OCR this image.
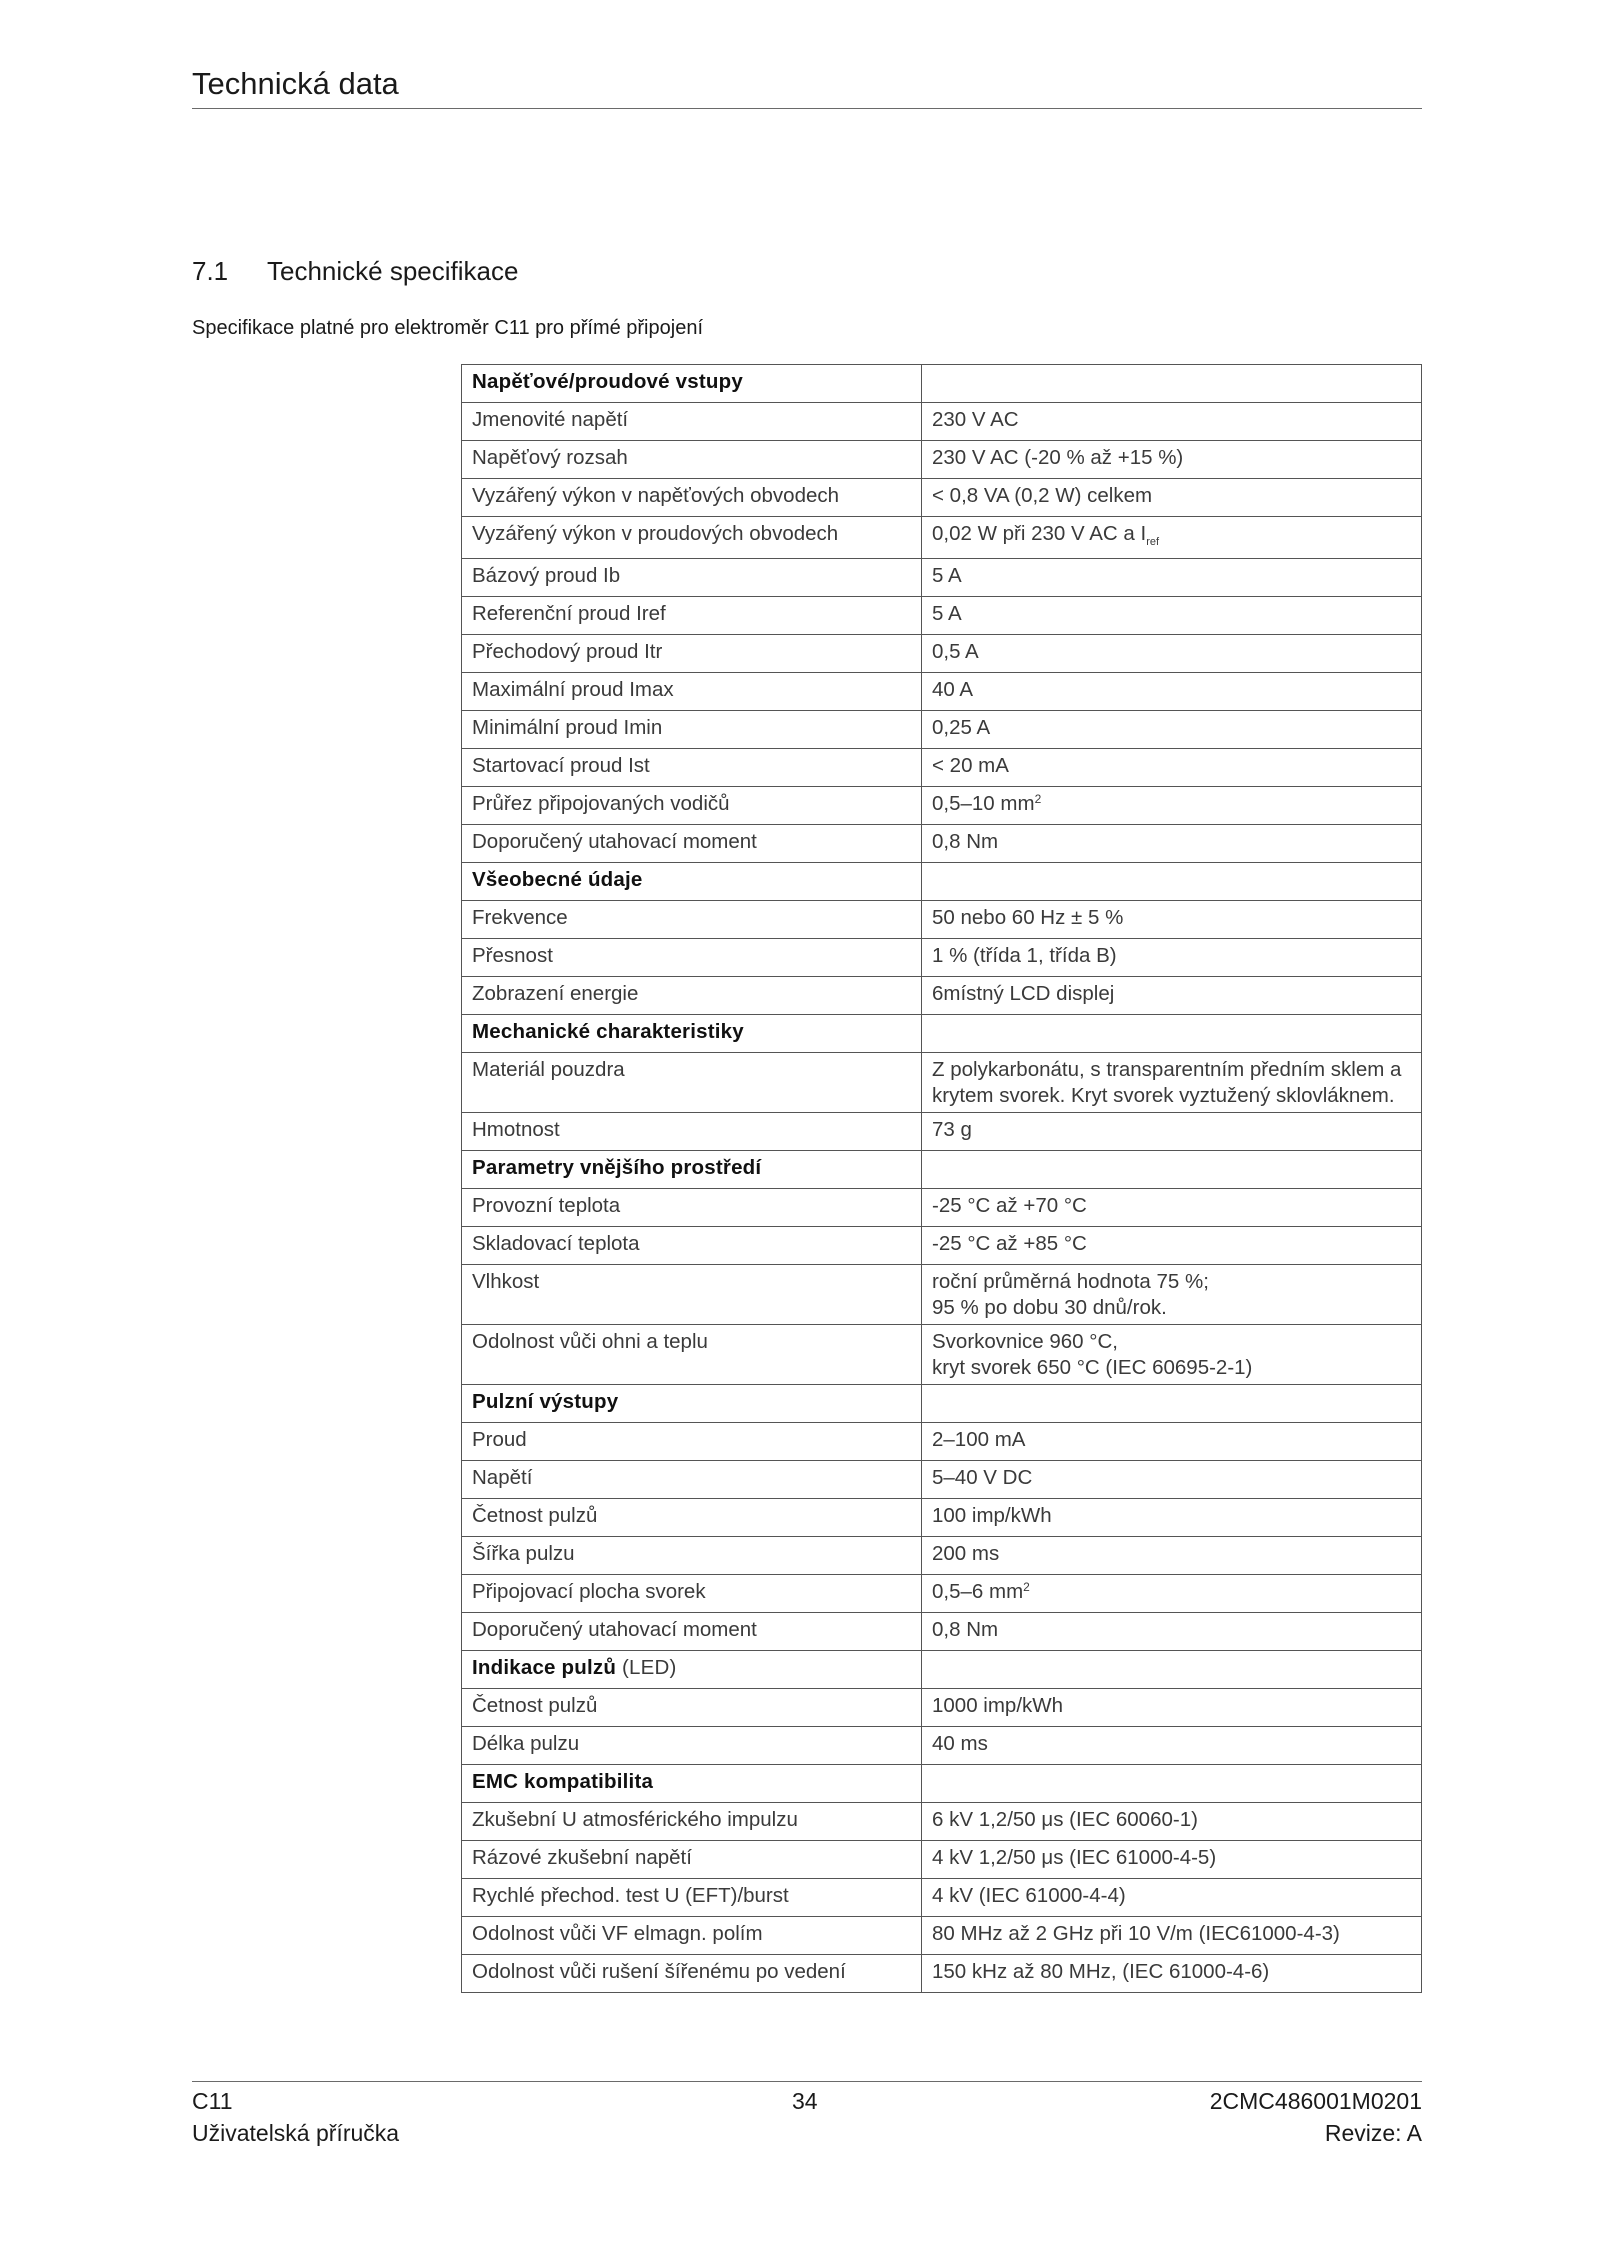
Technická data
7.1 Technické specifikace
Specifikace platné pro elektroměr C11 pro přímé připojení
Napěťové/proudové vstupy	
Jmenovité napětí	230 V AC
Napěťový rozsah	230 V AC (-20 % až +15 %)
Vyzářený výkon v napěťových obvodech	< 0,8 VA (0,2 W) celkem
Vyzářený výkon v proudových obvodech	0,02 W při 230 V AC a $I_{ref}$
Bázový proud Ib	5 A
Referenční proud Iref	5 A
Přechodový proud Itr	0,5 A
Maximální proud Imax	40 A
Minimální proud Imin	0,25 A
Startovací proud Ist	< 20 mA
Průřez připojovaných vodičů	0,5–10 $mm^2$
Doporučený utahovací moment	0,8 Nm
Všeobecné údaje	
Frekvence	50 nebo 60 Hz ± 5 %
Přesnost	1 % (třída 1, třída B)
Zobrazení energie	6místný LCD displej
Mechanické charakteristiky	
Materiál pouzdra	Z polykarbonátu, s transparentním předním sklem a krytem svorek. Kryt svorek vyztužený sklovláknem.
Hmotnost	73 g
Parametry vnějšího prostředí	
Provozní teplota	-25 °C až +70 °C
Skladovací teplota	-25 °C až +85 °C
Vlhkost	roční průměrná hodnota 75 %;
95 % po dobu 30 dnů/rok.

Odolnost vůči ohni a teplu	Svorkovnice 960 °C,
kryt svorek 650 °C (IEC 60695-2-1)

Pulzní výstupy	
Proud	2–100 mA
Napětí	5–40 V DC
Četnost pulzů	100 imp/kWh
Šířka pulzu	200 ms
Připojovací plocha svorek	0,5–6 $mm^2$
Doporučený utahovací moment	0,8 Nm
Indikace pulzů (LED)	
Četnost pulzů	1000 imp/kWh
Délka pulzu	40 ms
EMC kompatibilita	
Zkušební U atmosférického impulzu	6 kV 1,2/50 μs (IEC 60060-1)
Rázové zkušební napětí	4 kV 1,2/50 μs (IEC 61000-4-5)
Rychlé přechod. test U (EFT)/burst	4 kV (IEC 61000-4-4)
Odolnost vůči VF elmagn. polím	80 MHz až 2 GHz při 10 V/m (IEC61000-4-3)
Odolnost vůči rušení šířenému po vedení	150 kHz až 80 MHz, (IEC 61000-4-6)
C11
Uživatelská příručka
34	2CMC486001M0201
Revize: A
